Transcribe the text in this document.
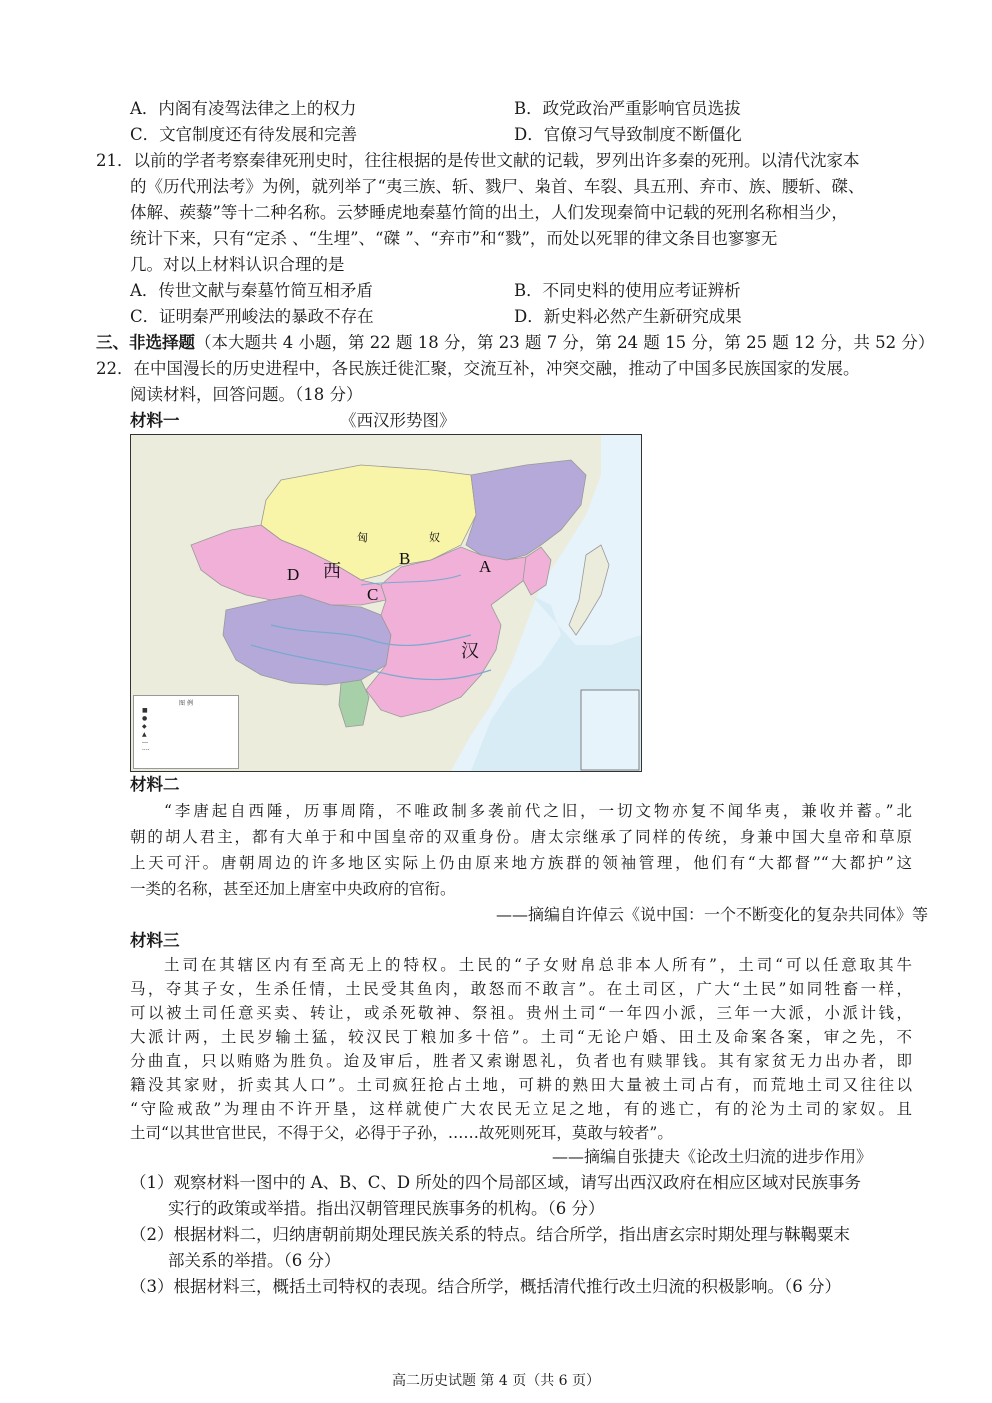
A．内阁有凌驾法律之上的权力	B．政党政治严重影响官员选拔
C．文官制度还有待发展和完善	D．官僚习气导致制度不断僵化
21．以前的学者考察秦律死刑史时，往往根据的是传世文献的记载，罗列出许多秦的死刑。以清代沈家本
的《历代刑法考》为例，就列举了“夷三族、斩、戮尸、枭首、车裂、具五刑、弃市、族、腰斩、磔、
体解、蒺藜”等十二种名称。云梦睡虎地秦墓竹简的出土，人们发现秦简中记载的死刑名称相当少，
统计下来，只有“定杀 、“生埋”、“磔 ”、“弃市”和“戮”，而处以死罪的律文条目也寥寥无
几。对以上材料认识合理的是
A．传世文献与秦墓竹简互相矛盾	B．不同史料的使用应考证辨析
C．证明秦严刑峻法的暴政不存在	D．新史料必然产生新研究成果
三、非选择题（本大题共 4 小题，第 22 题 18 分，第 23 题 7 分，第 24 题 15 分，第 25 题 12 分，共 52 分）
22．在中国漫长的历史进程中，各民族迁徙汇聚，交流互补，冲突交融，推动了中国多民族国家的发展。
阅读材料，回答问题。（18 分）
材料一	《西汉形势图》
A
B
C
D 西
汉
匈	奴
图 例
■
●
◆
▲
---
····
材料二
“李唐起自西陲，历事周隋，不唯政制多袭前代之旧，一切文物亦复不闻华夷，兼收并蓄。”北
朝的胡人君主，都有大单于和中国皇帝的双重身份。唐太宗继承了同样的传统，身兼中国大皇帝和草原
上天可汗。唐朝周边的许多地区实际上仍由原来地方族群的领袖管理，他们有“大都督”“大都护”这
一类的名称，甚至还加上唐室中央政府的官衔。
——摘编自许倬云《说中国：一个不断变化的复杂共同体》等
材料三
土司在其辖区内有至高无上的特权。土民的“子女财帛总非本人所有”，土司“可以任意取其牛
马，夺其子女，生杀任情，土民受其鱼肉，敢怒而不敢言”。在土司区，广大“土民”如同牲畜一样，
可以被土司任意买卖、转让，或杀死敬神、祭祖。贵州土司“一年四小派，三年一大派，小派计钱，
大派计两，土民岁输土猛，较汉民丁粮加多十倍”。土司“无论户婚、田土及命案各案，审之先，不
分曲直，只以贿赂为胜负。迨及审后，胜者又索谢恩礼，负者也有赎罪钱。其有家贫无力出办者，即
籍没其家财，折卖其人口”。土司疯狂抢占土地，可耕的熟田大量被土司占有，而荒地土司又往往以
“守险戒敌”为理由不许开垦，这样就使广大农民无立足之地，有的逃亡，有的沦为土司的家奴。且
土司“以其世官世民，不得于父，必得于子孙，……故死则死耳，莫敢与较者”。
——摘编自张捷夫《论改土归流的进步作用》
（1）观察材料一图中的 A、B、C、D 所处的四个局部区域，请写出西汉政府在相应区域对民族事务
实行的政策或举措。指出汉朝管理民族事务的机构。（6 分）
（2）根据材料二，归纳唐朝前期处理民族关系的特点。结合所学，指出唐玄宗时期处理与靺鞨粟末
部关系的举措。（6 分）
（3）根据材料三，概括土司特权的表现。结合所学，概括清代推行改土归流的积极影响。（6 分）
高二历史试题 第 4 页（共 6 页）
